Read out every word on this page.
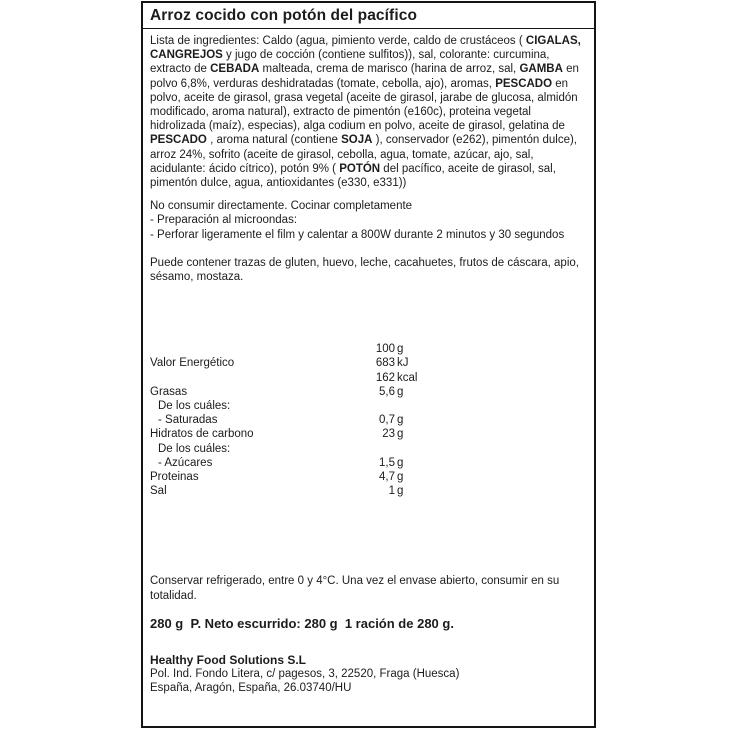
Arroz cocido con potón del pacífico

Lista de ingredientes: Caldo (agua, pimiento verde, caldo de crustáceos ( CIGALAS, CANGREJOS y jugo de cocción (contiene sulfitos)), sal, colorante: curcumina, extracto de CEBADA malteada, crema de marisco (harina de arroz, sal, GAMBA en polvo 6,8%, verduras deshidratadas (tomate, cebolla, ajo), aromas, PESCADO en polvo, aceite de girasol, grasa vegetal (aceite de girasol, jarabe de glucosa, almidón modificado, aroma natural), extracto de pimentón (e160c), proteina vegetal hidrolizada (maíz), especias), alga codium en polvo, aceite de girasol, gelatina de PESCADO , aroma natural (contiene SOJA ), conservador (e262), pimentón dulce), arroz 24%, sofrito (aceite de girasol, cebolla, agua, tomate, azúcar, ajo, sal, acidulante: ácido cítrico), potón 9% ( POTÓN del pacífico, aceite de girasol, sal, pimentón dulce, agua, antioxidantes (e330, e331))

No consumir directamente. Cocinar completamente

- Preparación al microondas:

- Perforar ligeramente el film y calentar a 800W durante 2 minutos y 30 segundos

Puede contener trazas de gluten, huevo, leche, cacahuetes, frutos de cáscara, apio, sésamo, mostaza.

100 g
Valor Energético	683 kJ
162 kcal
Grasas	5,6 g
De los cuáles:
- Saturadas	0,7 g
Hidratos de carbono	23 g
De los cuáles:
- Azúcares	1,5 g
Proteinas	4,7 g
Sal	1 g

Conservar refrigerado, entre 0 y 4°C. Una vez el envase abierto, consumir en su totalidad.

280 g  P. Neto escurrido: 280 g  1 ración de 280 g.

Healthy Food Solutions S.L

Pol. Ind. Fondo Litera, c/ pagesos, 3, 22520, Fraga (Huesca)

España, Aragón, España, 26.03740/HU
